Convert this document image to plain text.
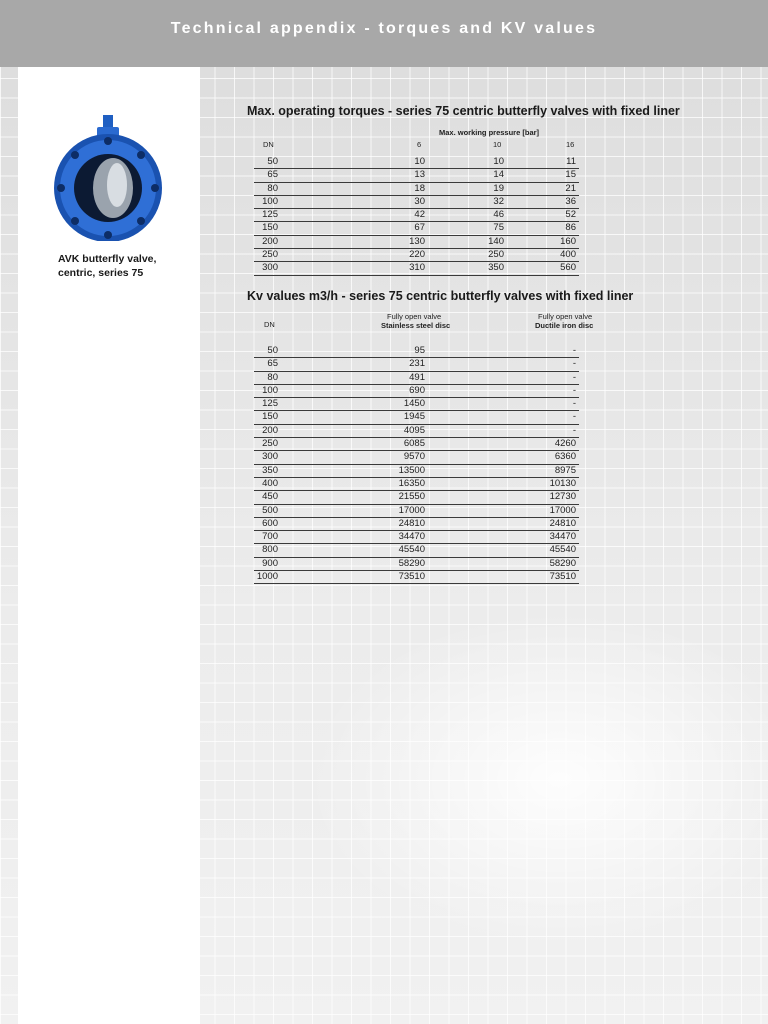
Technical appendix - torques and KV values
AVK butterfly valve,
centric, series 75
Max. operating torques - series 75 centric butterfly valves with fixed liner
Max. working pressure [bar]
DN	6	10	16
50	10	10	11
65	13	14	15
80	18	19	21
100	30	32	36
125	42	46	52
150	67	75	86
200	130	140	160
250	220	250	400
300	310	350	560
Kv values m3/h - series 75 centric butterfly valves with fixed liner
Fully open valve
Stainless steel disc
Fully open valve
Ductile iron disc
DN
50	95	-
65	231	-
80	491	-
100	690	-
125	1450	-
150	1945	-
200	4095	-
250	6085	4260
300	9570	6360
350	13500	8975
400	16350	10130
450	21550	12730
500	17000	17000
600	24810	24810
700	34470	34470
800	45540	45540
900	58290	58290
1000	73510	73510
